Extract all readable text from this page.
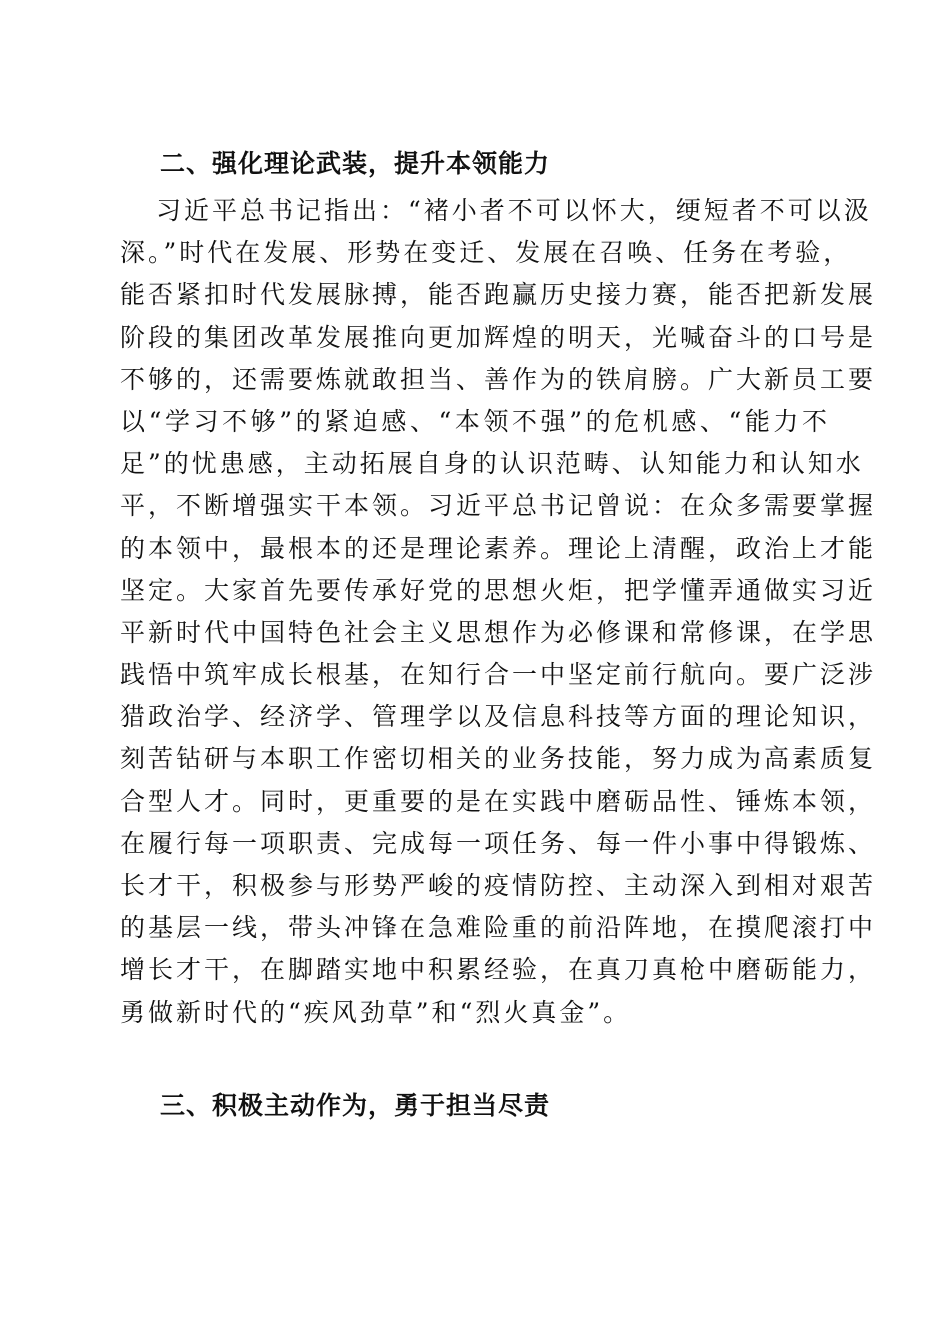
二、强化理论武装，提升本领能力
习近平总书记指出：“褚小者不可以怀大，绠短者不可以汲
深。”时代在发展、形势在变迁、发展在召唤、任务在考验，
能否紧扣时代发展脉搏，能否跑赢历史接力赛，能否把新发展
阶段的集团改革发展推向更加辉煌的明天，光喊奋斗的口号是
不够的，还需要炼就敢担当、善作为的铁肩膀。广大新员工要
以“学习不够”的紧迫感、“本领不强”的危机感、“能力不
足”的忧患感，主动拓展自身的认识范畴、认知能力和认知水
平，不断增强实干本领。习近平总书记曾说：在众多需要掌握
的本领中，最根本的还是理论素养。理论上清醒，政治上才能
坚定。大家首先要传承好党的思想火炬，把学懂弄通做实习近
平新时代中国特色社会主义思想作为必修课和常修课，在学思
践悟中筑牢成长根基，在知行合一中坚定前行航向。要广泛涉
猎政治学、经济学、管理学以及信息科技等方面的理论知识，
刻苦钻研与本职工作密切相关的业务技能，努力成为高素质复
合型人才。同时，更重要的是在实践中磨砺品性、锤炼本领，
在履行每一项职责、完成每一项任务、每一件小事中得锻炼、
长才干，积极参与形势严峻的疫情防控、主动深入到相对艰苦
的基层一线，带头冲锋在急难险重的前沿阵地，在摸爬滚打中
增长才干，在脚踏实地中积累经验，在真刀真枪中磨砺能力，
勇做新时代的“疾风劲草”和“烈火真金”。
三、积极主动作为，勇于担当尽责
